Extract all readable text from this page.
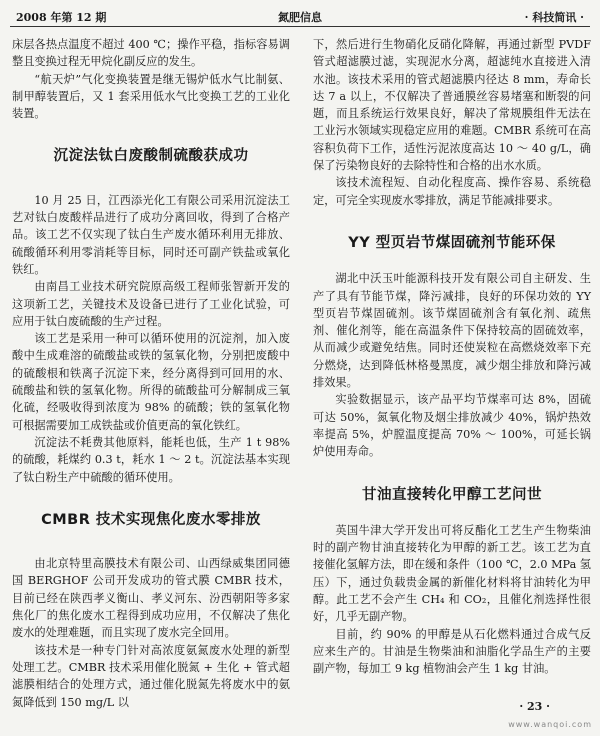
2008 年第 12 期	氮肥信息	· 科技简讯 ·

床层各热点温度不超过 400 ℃；操作平稳，指标容易调整且变换过程无甲烷化副反应的发生。

“航天炉”气化变换装置是继无锡炉低水气比制氨、制甲醇装置后，又 1 套采用低水气比变换工艺的工业化装置。

沉淀法钛白废酸制硫酸获成功

10 月 25 日，江西添光化工有限公司采用沉淀法工艺对钛白废酸样品进行了成功分离回收，得到了合格产品。该工艺不仅实现了钛白生产废水循环利用无排放、硫酸循环利用零消耗等目标，同时还可副产铁盐或氧化铁红。

由南昌工业技术研究院原高级工程师张智新开发的这项新工艺，关键技术及设备已进行了工业化试验，可应用于钛白废硫酸的生产过程。

该工艺是采用一种可以循环使用的沉淀剂，加入废酸中生成难溶的硫酸盐或铁的氢氧化物，分别把废酸中的硫酸根和铁离子沉淀下来，经分离得到可回用的水、硫酸盐和铁的氢氧化物。所得的硫酸盐可分解制成三氧化硫，经吸收得到浓度为 98% 的硫酸；铁的氢氧化物可根据需要加工成铁盐或价值更高的氧化铁红。

沉淀法不耗费其他原料，能耗也低，生产 1 t 98% 的硫酸，耗煤约 0.3 t，耗水 1 ～ 2 t。沉淀法基本实现了钛白粉生产中硫酸的循环使用。

CMBR 技术实现焦化废水零排放

由北京特里高膜技术有限公司、山西绿威集团同德国 BERGHOF 公司开发成功的管式膜 CMBR 技术，目前已经在陕西孝义衡山、孝义河东、汾西朝阳等多家焦化厂的焦化废水工程得到成功应用，不仅解决了焦化废水的处理难题，而且实现了废水完全回用。

该技术是一种专门针对高浓度氨氮废水处理的新型处理工艺。CMBR 技术采用催化脱氮 + 生化 + 管式超滤膜相结合的处理方式，通过催化脱氮先将废水中的氨氮降低到 150 mg/L 以

下，然后进行生物硝化反硝化降解，再通过新型 PVDF 管式超滤膜过滤，实现泥水分离，超滤纯水直接进入清水池。该技术采用的管式超滤膜内径达 8 mm，寿命长达 7 a 以上，不仅解决了普通膜丝容易堵塞和断裂的问题，而且系统运行效果良好，解决了常规膜组件无法在工业污水领域实现稳定应用的难题。CMBR 系统可在高容积负荷下工作，适性污泥浓度高达 10 ～ 40 g/L，确保了污染物良好的去除特性和合格的出水水质。

该技术流程短、自动化程度高、操作容易、系统稳定，可完全实现废水零排放，满足节能减排要求。

YY 型页岩节煤固硫剂节能环保

湖北中沃玉叶能源科技开发有限公司自主研发、生产了具有节能节煤，降污减排，良好的环保功效的 YY 型页岩节煤固硫剂。该节煤固硫剂含有氧化剂、疏焦剂、催化剂等，能在高温条件下保持较高的固硫效率，从而减少或避免结焦。同时还使炭粒在高燃烧效率下充分燃烧，达到降低林格曼黑度，减少烟尘排放和降污减排效果。

实验数据显示，该产品平均节煤率可达 8%，固硫可达 50%，氮氧化物及烟尘排放减少 40%，锅炉热效率提高 5%，炉膛温度提高 70% ～ 100%，可延长锅炉使用寿命。

甘油直接转化甲醇工艺问世

英国牛津大学开发出可将反酯化工艺生产生物柴油时的副产物甘油直接转化为甲醇的新工艺。该工艺为直接催化氢解方法，即在缓和条件（100 ℃，2.0 MPa 氢压）下，通过负载贵金属的新催化材料将甘油转化为甲醇。此工艺不会产生 CH₄ 和 CO₂，且催化剂选择性很好，几乎无副产物。

目前，约 90% 的甲醇是从石化燃料通过合成气反应来生产的。甘油是生物柴油和油脂化学品生产的主要副产物，每加工 9 kg 植物油会产生 1 kg 甘油。

· 23 ·
www.wanqoi.com
